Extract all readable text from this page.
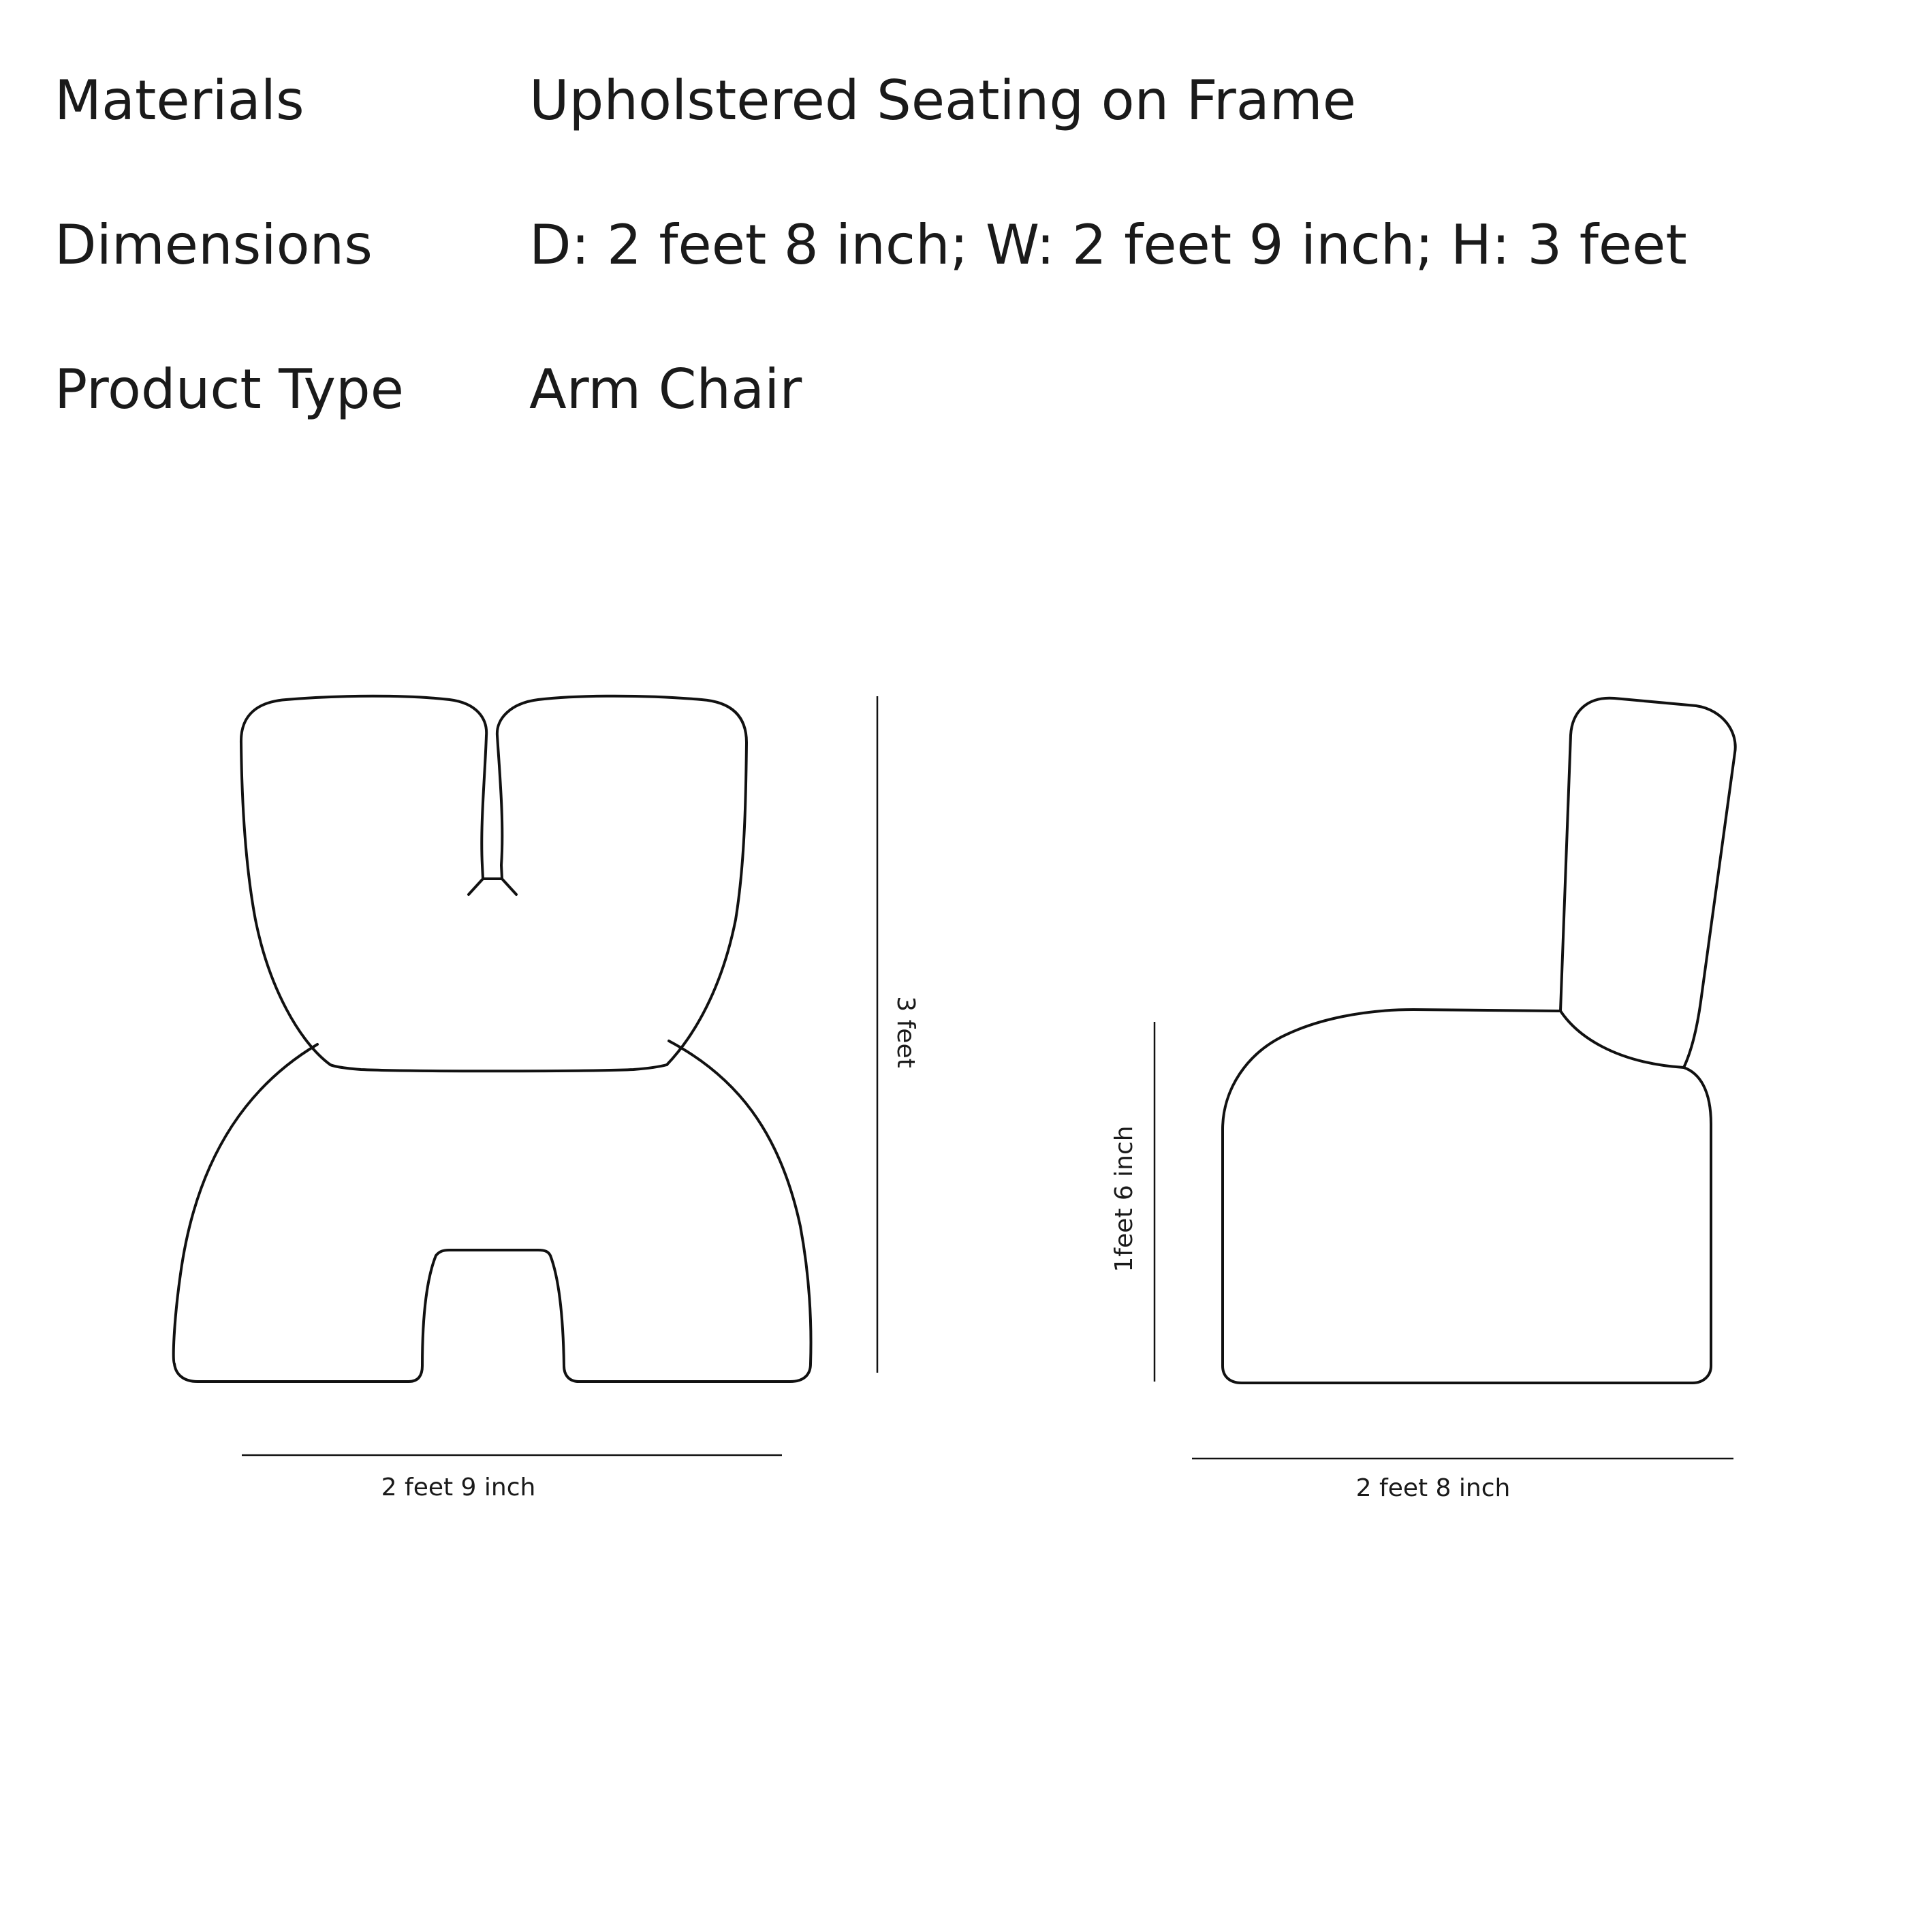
Materials	Upholstered Seating on Frame
Dimensions	D: 2 feet 8 inch; W: 2 feet 9 inch; H: 3 feet
Product Type Arm Chair
3 feet
2 feet 9 inch
1feet 6 inch
2 feet 8 inch
